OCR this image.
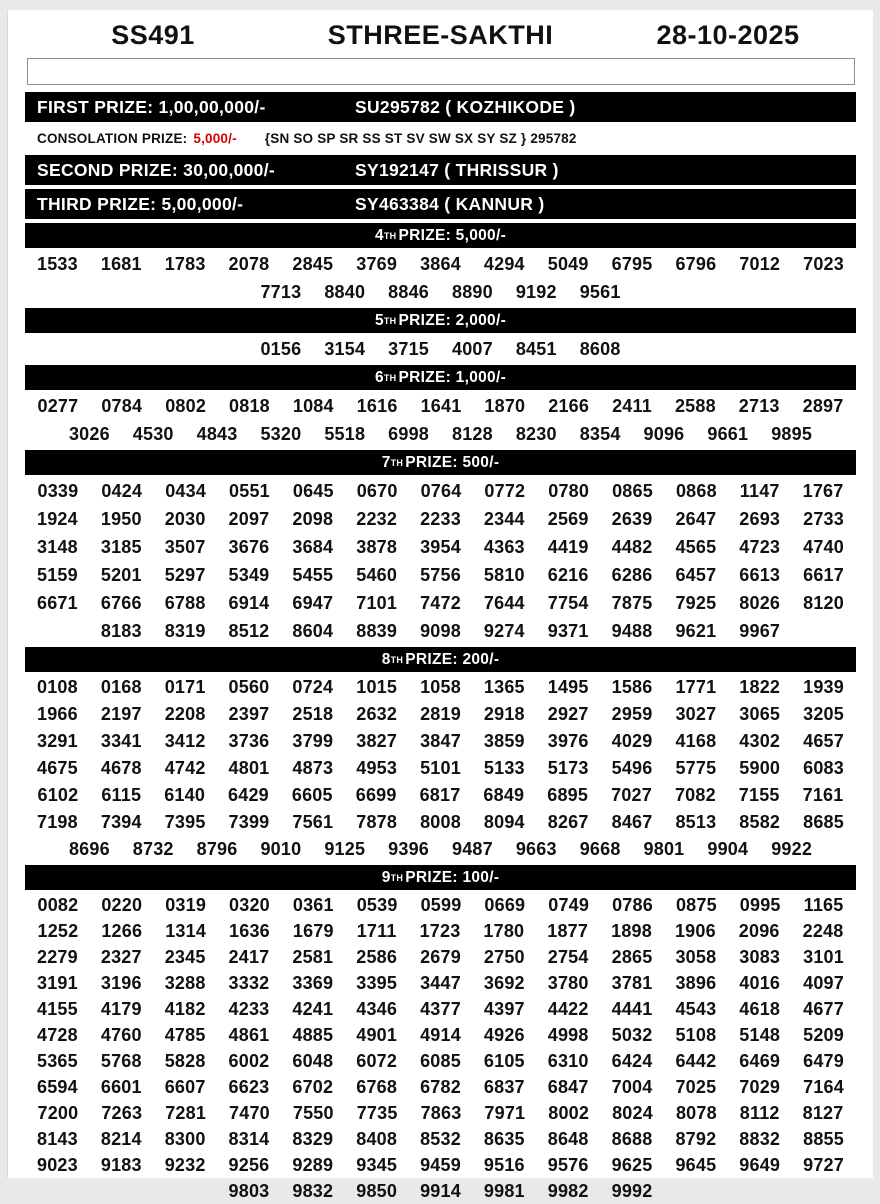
SS491	STHREE-SAKTHI	28-10-2025
FIRST PRIZE: 1,00,00,000/-	SU295782 ( KOZHIKODE )
CONSOLATION PRIZE: 5,000/- {SN SO SP SR SS ST SV SW SX SY SZ } 295782
SECOND PRIZE: 30,00,000/-	SY192147 ( THRISSUR )
THIRD PRIZE: 5,00,000/-	SY463384 ( KANNUR )
4 TH PRIZE: 5,000/-
1533 1681 1783 2078 2845 3769 3864 4294 5049 6795 6796 7012 7023
7713 8840 8846 8890 9192 9561
5 TH PRIZE: 2,000/-
0156 3154 3715 4007 8451 8608
6 TH PRIZE: 1,000/-
0277 0784 0802 0818 1084 1616 1641 1870 2166 2411 2588 2713 2897
3026 4530 4843 5320 5518 6998 8128 8230 8354 9096 9661 9895
7 TH PRIZE: 500/-
0339 0424 0434 0551 0645 0670 0764 0772 0780 0865 0868 1147 1767
1924 1950 2030 2097 2098 2232 2233 2344 2569 2639 2647 2693 2733
3148 3185 3507 3676 3684 3878 3954 4363 4419 4482 4565 4723 4740
5159 5201 5297 5349 5455 5460 5756 5810 6216 6286 6457 6613 6617
6671 6766 6788 6914 6947 7101 7472 7644 7754 7875 7925 8026 8120
8183 8319 8512 8604 8839 9098 9274 9371 9488 9621 9967
8 TH PRIZE: 200/-
0108 0168 0171 0560 0724 1015 1058 1365 1495 1586 1771 1822 1939
1966 2197 2208 2397 2518 2632 2819 2918 2927 2959 3027 3065 3205
3291 3341 3412 3736 3799 3827 3847 3859 3976 4029 4168 4302 4657
4675 4678 4742 4801 4873 4953 5101 5133 5173 5496 5775 5900 6083
6102 6115 6140 6429 6605 6699 6817 6849 6895 7027 7082 7155 7161
7198 7394 7395 7399 7561 7878 8008 8094 8267 8467 8513 8582 8685
8696 8732 8796 9010 9125 9396 9487 9663 9668 9801 9904 9922
9 TH PRIZE: 100/-
0082 0220 0319 0320 0361 0539 0599 0669 0749 0786 0875 0995 1165
1252 1266 1314 1636 1679 1711 1723 1780 1877 1898 1906 2096 2248
2279 2327 2345 2417 2581 2586 2679 2750 2754 2865 3058 3083 3101
3191 3196 3288 3332 3369 3395 3447 3692 3780 3781 3896 4016 4097
4155 4179 4182 4233 4241 4346 4377 4397 4422 4441 4543 4618 4677
4728 4760 4785 4861 4885 4901 4914 4926 4998 5032 5108 5148 5209
5365 5768 5828 6002 6048 6072 6085 6105 6310 6424 6442 6469 6479
6594 6601 6607 6623 6702 6768 6782 6837 6847 7004 7025 7029 7164
7200 7263 7281 7470 7550 7735 7863 7971 8002 8024 8078 8112 8127
8143 8214 8300 8314 8329 8408 8532 8635 8648 8688 8792 8832 8855
9023 9183 9232 9256 9289 9345 9459 9516 9576 9625 9645 9649 9727
9803 9832 9850 9914 9981 9982 9992
